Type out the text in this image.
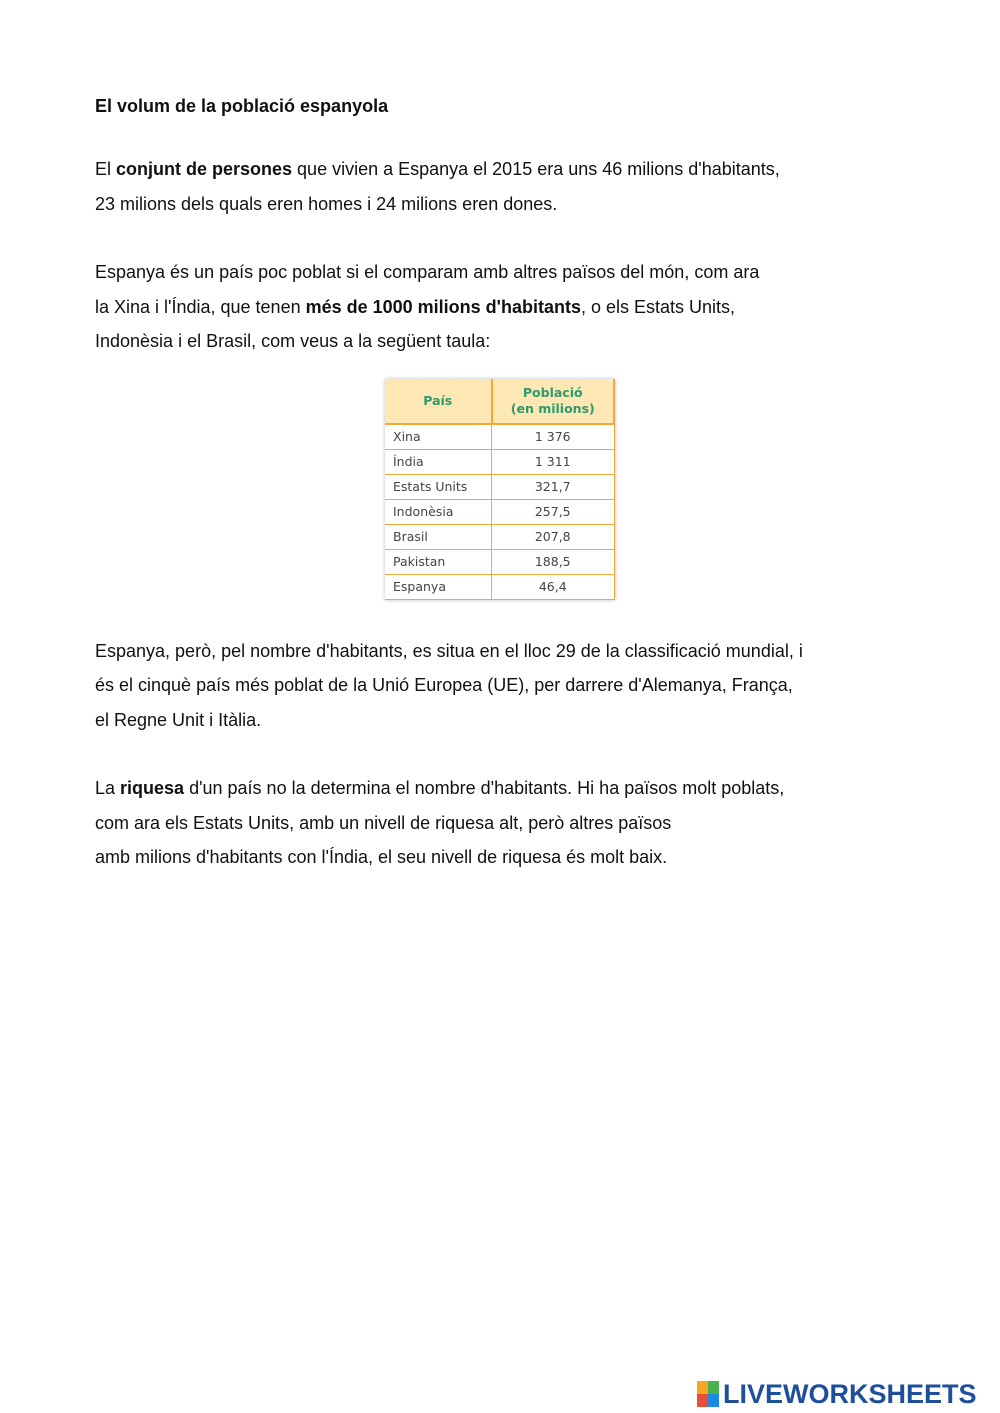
El volum de la població espanyola

El conjunt de persones que vivien a Espanya el 2015 era uns 46 milions d'habitants,
23 milions dels quals eren homes i 24 milions eren dones.

Espanya és un país poc poblat si el comparam amb altres països del món, com ara
la Xina i l'Índia, que tenen més de 1000 milions d'habitants, o els Estats Units,
Indonèsia i el Brasil, com veus a la següent taula:

País	Població
(en milions)
Xina	1 376
Índia	1 311
Estats Units	321,7
Indonèsia	257,5
Brasil	207,8
Pakistan	188,5
Espanya	46,4

Espanya, però, pel nombre d'habitants, es situa en el lloc 29 de la classificació mundial, i
és el cinquè país més poblat de la Unió Europea (UE), per darrere d'Alemanya, França,
el Regne Unit i Itàlia.

La riquesa d'un país no la determina el nombre d'habitants. Hi ha països molt poblats,
com ara els Estats Units, amb un nivell de riquesa alt, però altres països
amb milions d'habitants con l'Índia, el seu nivell de riquesa és molt baix.

LIVEWORKSHEETS
